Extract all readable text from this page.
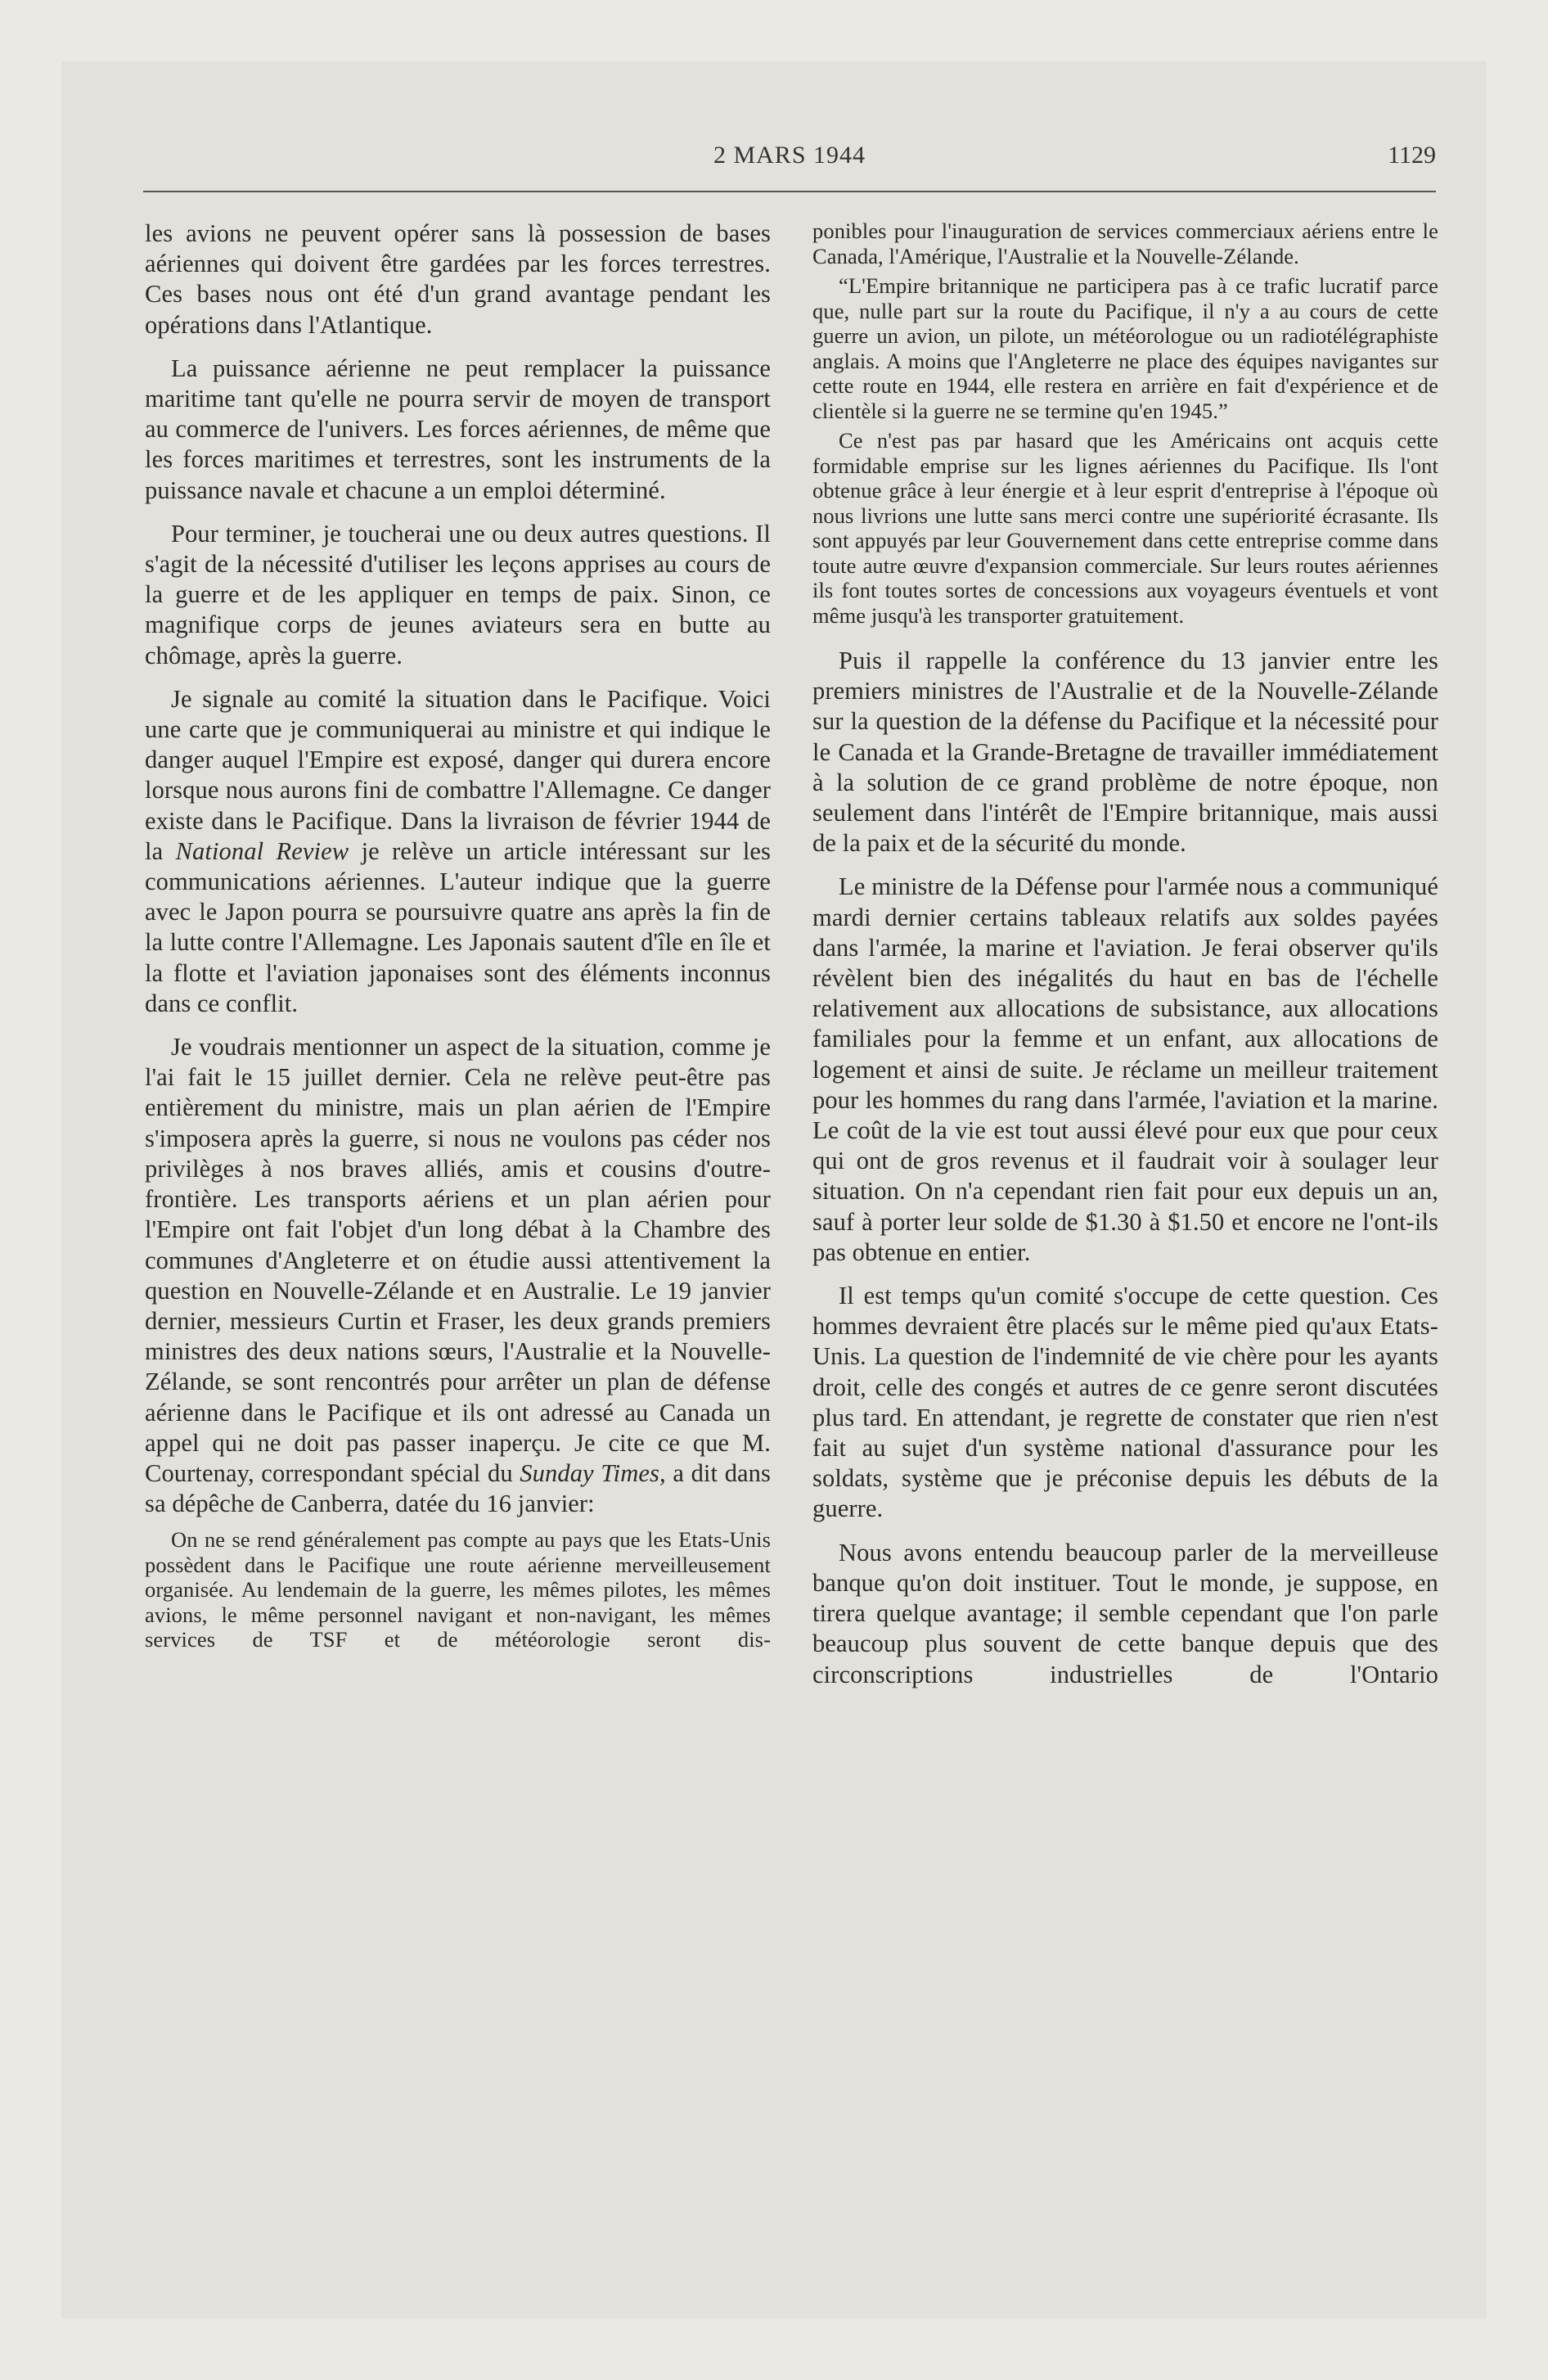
2 MARS 1944	1129

les avions ne peuvent opérer sans là possession de bases aériennes qui doivent être gardées par les forces terrestres. Ces bases nous ont été d'un grand avantage pendant les opérations dans l'Atlantique.

La puissance aérienne ne peut remplacer la puissance maritime tant qu'elle ne pourra servir de moyen de transport au commerce de l'univers. Les forces aériennes, de même que les forces maritimes et terrestres, sont les instruments de la puissance navale et chacune a un emploi déterminé.

Pour terminer, je toucherai une ou deux autres questions. Il s'agit de la nécessité d'utiliser les leçons apprises au cours de la guerre et de les appliquer en temps de paix. Sinon, ce magnifique corps de jeunes aviateurs sera en butte au chômage, après la guerre.

Je signale au comité la situation dans le Pacifique. Voici une carte que je communiquerai au ministre et qui indique le danger auquel l'Empire est exposé, danger qui durera encore lorsque nous aurons fini de combattre l'Allemagne. Ce danger existe dans le Pacifique. Dans la livraison de février 1944 de la National Review je relève un article intéressant sur les communications aériennes. L'auteur indique que la guerre avec le Japon pourra se poursuivre quatre ans après la fin de la lutte contre l'Allemagne. Les Japonais sautent d'île en île et la flotte et l'aviation japonaises sont des éléments inconnus dans ce conflit.

Je voudrais mentionner un aspect de la situation, comme je l'ai fait le 15 juillet dernier. Cela ne relève peut-être pas entièrement du ministre, mais un plan aérien de l'Empire s'imposera après la guerre, si nous ne voulons pas céder nos privilèges à nos braves alliés, amis et cousins d'outre-frontière. Les transports aériens et un plan aérien pour l'Empire ont fait l'objet d'un long débat à la Chambre des communes d'Angleterre et on étudie aussi attentivement la question en Nouvelle-Zélande et en Australie. Le 19 janvier dernier, messieurs Curtin et Fraser, les deux grands premiers ministres des deux nations sœurs, l'Australie et la Nouvelle-Zélande, se sont rencontrés pour arrêter un plan de défense aérienne dans le Pacifique et ils ont adressé au Canada un appel qui ne doit pas passer inaperçu. Je cite ce que M. Courtenay, correspondant spécial du Sunday Times, a dit dans sa dépêche de Canberra, datée du 16 janvier:

On ne se rend généralement pas compte au pays que les Etats-Unis possèdent dans le Pacifique une route aérienne merveilleusement organisée. Au lendemain de la guerre, les mêmes pilotes, les mêmes avions, le même personnel navigant et non-navigant, les mêmes services de TSF et de météorologie seront dis-

ponibles pour l'inauguration de services commerciaux aériens entre le Canada, l'Amérique, l'Australie et la Nouvelle-Zélande.

“L'Empire britannique ne participera pas à ce trafic lucratif parce que, nulle part sur la route du Pacifique, il n'y a au cours de cette guerre un avion, un pilote, un météorologue ou un radiotélégraphiste anglais. A moins que l'Angleterre ne place des équipes navigantes sur cette route en 1944, elle restera en arrière en fait d'expérience et de clientèle si la guerre ne se termine qu'en 1945.”

Ce n'est pas par hasard que les Américains ont acquis cette formidable emprise sur les lignes aériennes du Pacifique. Ils l'ont obtenue grâce à leur énergie et à leur esprit d'entreprise à l'époque où nous livrions une lutte sans merci contre une supériorité écrasante. Ils sont appuyés par leur Gouvernement dans cette entreprise comme dans toute autre œuvre d'expansion commerciale. Sur leurs routes aériennes ils font toutes sortes de concessions aux voyageurs éventuels et vont même jusqu'à les transporter gratuitement.

Puis il rappelle la conférence du 13 janvier entre les premiers ministres de l'Australie et de la Nouvelle-Zélande sur la question de la défense du Pacifique et la nécessité pour le Canada et la Grande-Bretagne de travailler immédiatement à la solution de ce grand problème de notre époque, non seulement dans l'intérêt de l'Empire britannique, mais aussi de la paix et de la sécurité du monde.

Le ministre de la Défense pour l'armée nous a communiqué mardi dernier certains tableaux relatifs aux soldes payées dans l'armée, la marine et l'aviation. Je ferai observer qu'ils révèlent bien des inégalités du haut en bas de l'échelle relativement aux allocations de subsistance, aux allocations familiales pour la femme et un enfant, aux allocations de logement et ainsi de suite. Je réclame un meilleur traitement pour les hommes du rang dans l'armée, l'aviation et la marine. Le coût de la vie est tout aussi élevé pour eux que pour ceux qui ont de gros revenus et il faudrait voir à soulager leur situation. On n'a cependant rien fait pour eux depuis un an, sauf à porter leur solde de $1.30 à $1.50 et encore ne l'ont-ils pas obtenue en entier.

Il est temps qu'un comité s'occupe de cette question. Ces hommes devraient être placés sur le même pied qu'aux Etats-Unis. La question de l'indemnité de vie chère pour les ayants droit, celle des congés et autres de ce genre seront discutées plus tard. En attendant, je regrette de constater que rien n'est fait au sujet d'un système national d'assurance pour les soldats, système que je préconise depuis les débuts de la guerre.

Nous avons entendu beaucoup parler de la merveilleuse banque qu'on doit instituer. Tout le monde, je suppose, en tirera quelque avantage; il semble cependant que l'on parle beaucoup plus souvent de cette banque depuis que des circonscriptions industrielles de l'Ontario
